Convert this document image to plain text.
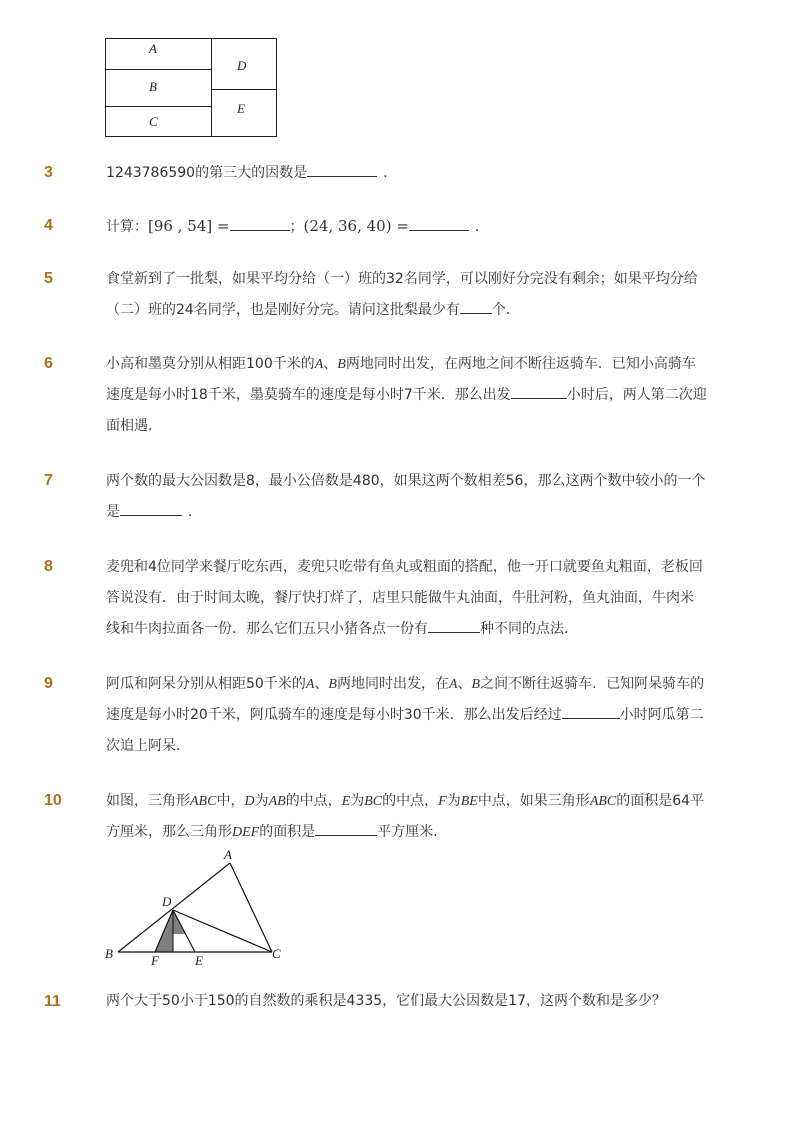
A
B
C
D
E
3	1243786590的第三大的因数是	．
4	计算：[96 , 54] =	；(24, 36, 40) =	．
5	食堂新到了一批梨，如果平均分给（一）班的32名同学，可以刚好分完没有剩余；如果平均分给
（二）班的24名同学，也是刚好分完。请问这批梨最少有 个．
6	小高和墨莫分别从相距100千米的A、B两地同时出发，在两地之间不断往返骑车．已知小高骑车
速度是每小时18千米，墨莫骑车的速度是每小时7千米．那么出发	小时后，两人第二次迎
面相遇．
7	两个数的最大公因数是8，最小公倍数是480，如果这两个数相差56，那么这两个数中较小的一个
是	．
8	麦兜和4位同学来餐厅吃东西，麦兜只吃带有鱼丸或粗面的搭配，他一开口就要鱼丸粗面，老板回
答说没有．由于时间太晚，餐厅快打烊了，店里只能做牛丸油面，牛肚河粉，鱼丸油面，牛肉米
线和牛肉拉面各一份．那么它们五只小猪各点一份有	种不同的点法．
9	阿瓜和阿呆分别从相距50千米的A、B两地同时出发，在A、B之间不断往返骑车．已知阿呆骑车的
速度是每小时20千米，阿瓜骑车的速度是每小时30千米．那么出发后经过	小时阿瓜第二
次追上阿呆．
10	如图，三角形ABC中，D为AB的中点，E为BC的中点，F为BE中点，如果三角形ABC的面积是64平
方厘米，那么三角形DEF的面积是	平方厘米．
A
B	C
D
E
F
11	两个大于50小于150的自然数的乘积是4335，它们最大公因数是17，这两个数和是多少？
